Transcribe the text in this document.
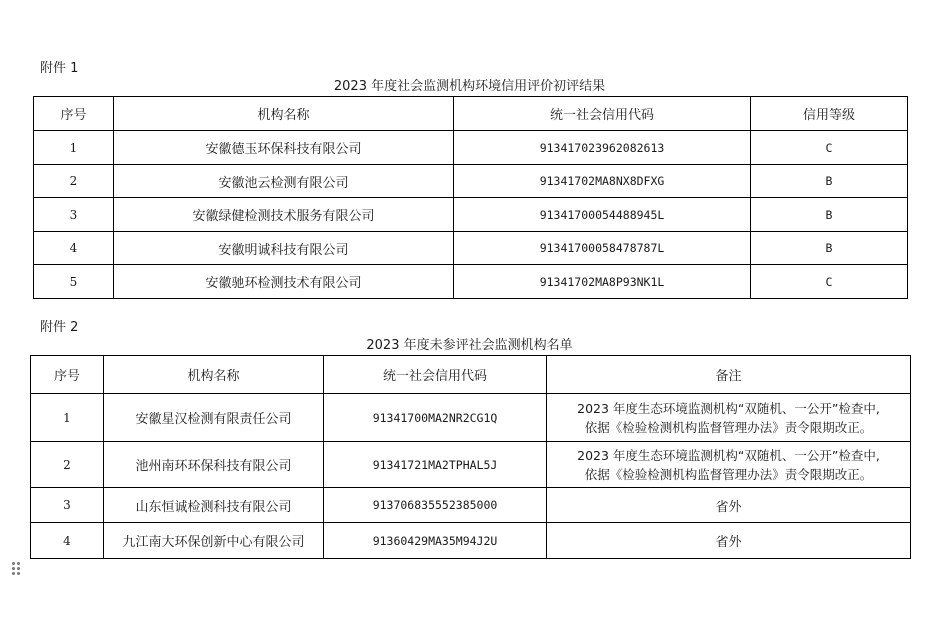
附件 1
2023 年度社会监测机构环境信用评价初评结果
序号	机构名称	统一社会信用代码	信用等级
1	安徽德玉环保科技有限公司	913417023962082613	C
2	安徽池云检测有限公司	91341702MA8NX8DFXG	B
3	安徽绿健检测技术服务有限公司	91341700054488945L	B
4	安徽明诚科技有限公司	91341700058478787L	B
5	安徽驰环检测技术有限公司	91341702MA8P93NK1L	C
附件 2
2023 年度未参评社会监测机构名单
序号	机构名称	统一社会信用代码	备注
1	安徽星汉检测有限责任公司	91341700MA2NR2CG1Q	2023 年度生态环境监测机构“双随机、一公开”检查中,
依据《检验检测机构监督管理办法》责令限期改正。

2	池州南环环保科技有限公司	91341721MA2TPHAL5J	2023 年度生态环境监测机构“双随机、一公开”检查中,
依据《检验检测机构监督管理办法》责令限期改正。

3	山东恒诚检测科技有限公司	913706835552385000	省外
4	九江南大环保创新中心有限公司	91360429MA35M94J2U	省外
